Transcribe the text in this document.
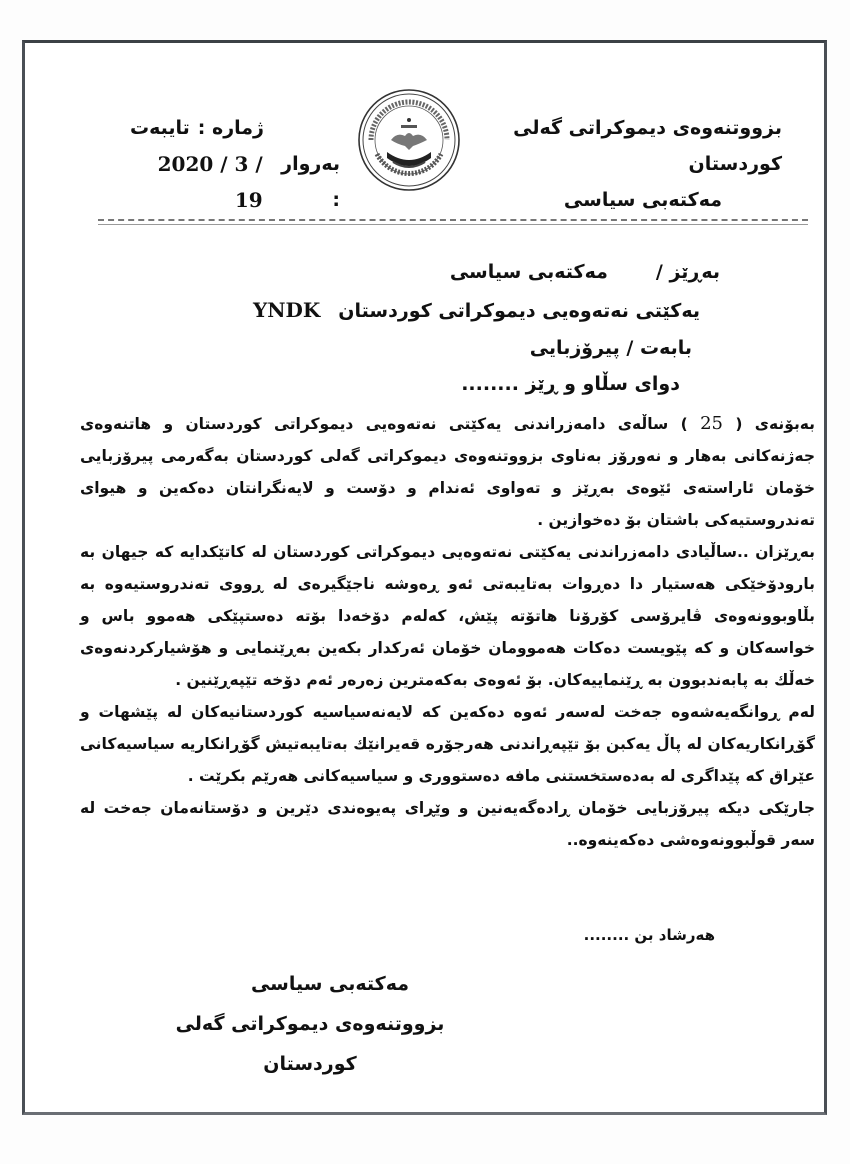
بزووتنەوەی دیموکراتی گەلی کوردستان
مەکتەبی سیاسی
ژمارە :
تایبەت
بەروار :
2020 / 3 / 19
بەڕێز /مەکتەبی سیاسی
یەکێتی نەتەوەیی دیموکراتی کوردستانYNDK
بابەت / پیرۆزبایی
دوای سڵاو و ڕێز ........

بەبۆنەی ( 25 ) ساڵەی دامەزراندنی یەکێتی نەتەوەیی دیموکراتی کوردستان و هاتنەوەی جەژنەکانی بەهار و نەورۆز بەناوی بزووتنەوەی دیموکراتی گەلی کوردستان بەگەرمی پیرۆزبایی خۆمان ئاراستەی ئێوەی بەڕێز و تەواوی ئەندام و دۆست و لایەنگرانتان دەکەین و هیوای تەندروستیەکی باشتان بۆ دەخوازین .

بەڕێزان ..ساڵیادی دامەزراندنی یەکێتی نەتەوەیی دیموکراتی کوردستان لە کاتێکدایە کە جیهان بە بارودۆخێکی هەستیار دا دەڕوات بەتایبەتی ئەو ڕەوشە ناجێگیرەی لە ڕووی تەندروستیەوە بە بڵاوبوونەوەی ڤایرۆسی کۆرۆنا هاتۆتە پێش، کەلەم دۆخەدا بۆتە دەستپێکی هەموو باس و خواسەکان و کە پێویست دەکات هەموومان خۆمان ئەرکدار بکەین بەڕێنمایی و هۆشیارکردنەوەی خەڵك بە پابەندبوون بە ڕێنماییەکان. بۆ ئەوەی بەکەمترین زەرەر ئەم دۆخە تێپەڕێنین .

لەم ڕوانگەیەشەوە جەخت لەسەر ئەوە دەکەین کە لایەنەسیاسیە کوردستانیەکان لە پێشهات و گۆڕانکاریەکان لە پاڵ یەکبن بۆ تێپەڕاندنی هەرجۆرە قەیرانێك بەتایبەتیش گۆڕانکاریە سیاسیەکانی عێراق کە پێداگری لە بەدەستخستنی مافە دەستووری و سیاسیەکانی هەرێم بکرێت .

جارێکی دیکە پیرۆزبایی خۆمان ڕادەگەیەنین و وێڕای پەیوەندی دێرین و دۆستانەمان جەخت لە سەر قوڵبوونەوەشی دەکەینەوە..

هەرشاد بن ........
مەکتەبی سیاسی
بزووتنەوەی دیموکراتی گەلی کوردستان
